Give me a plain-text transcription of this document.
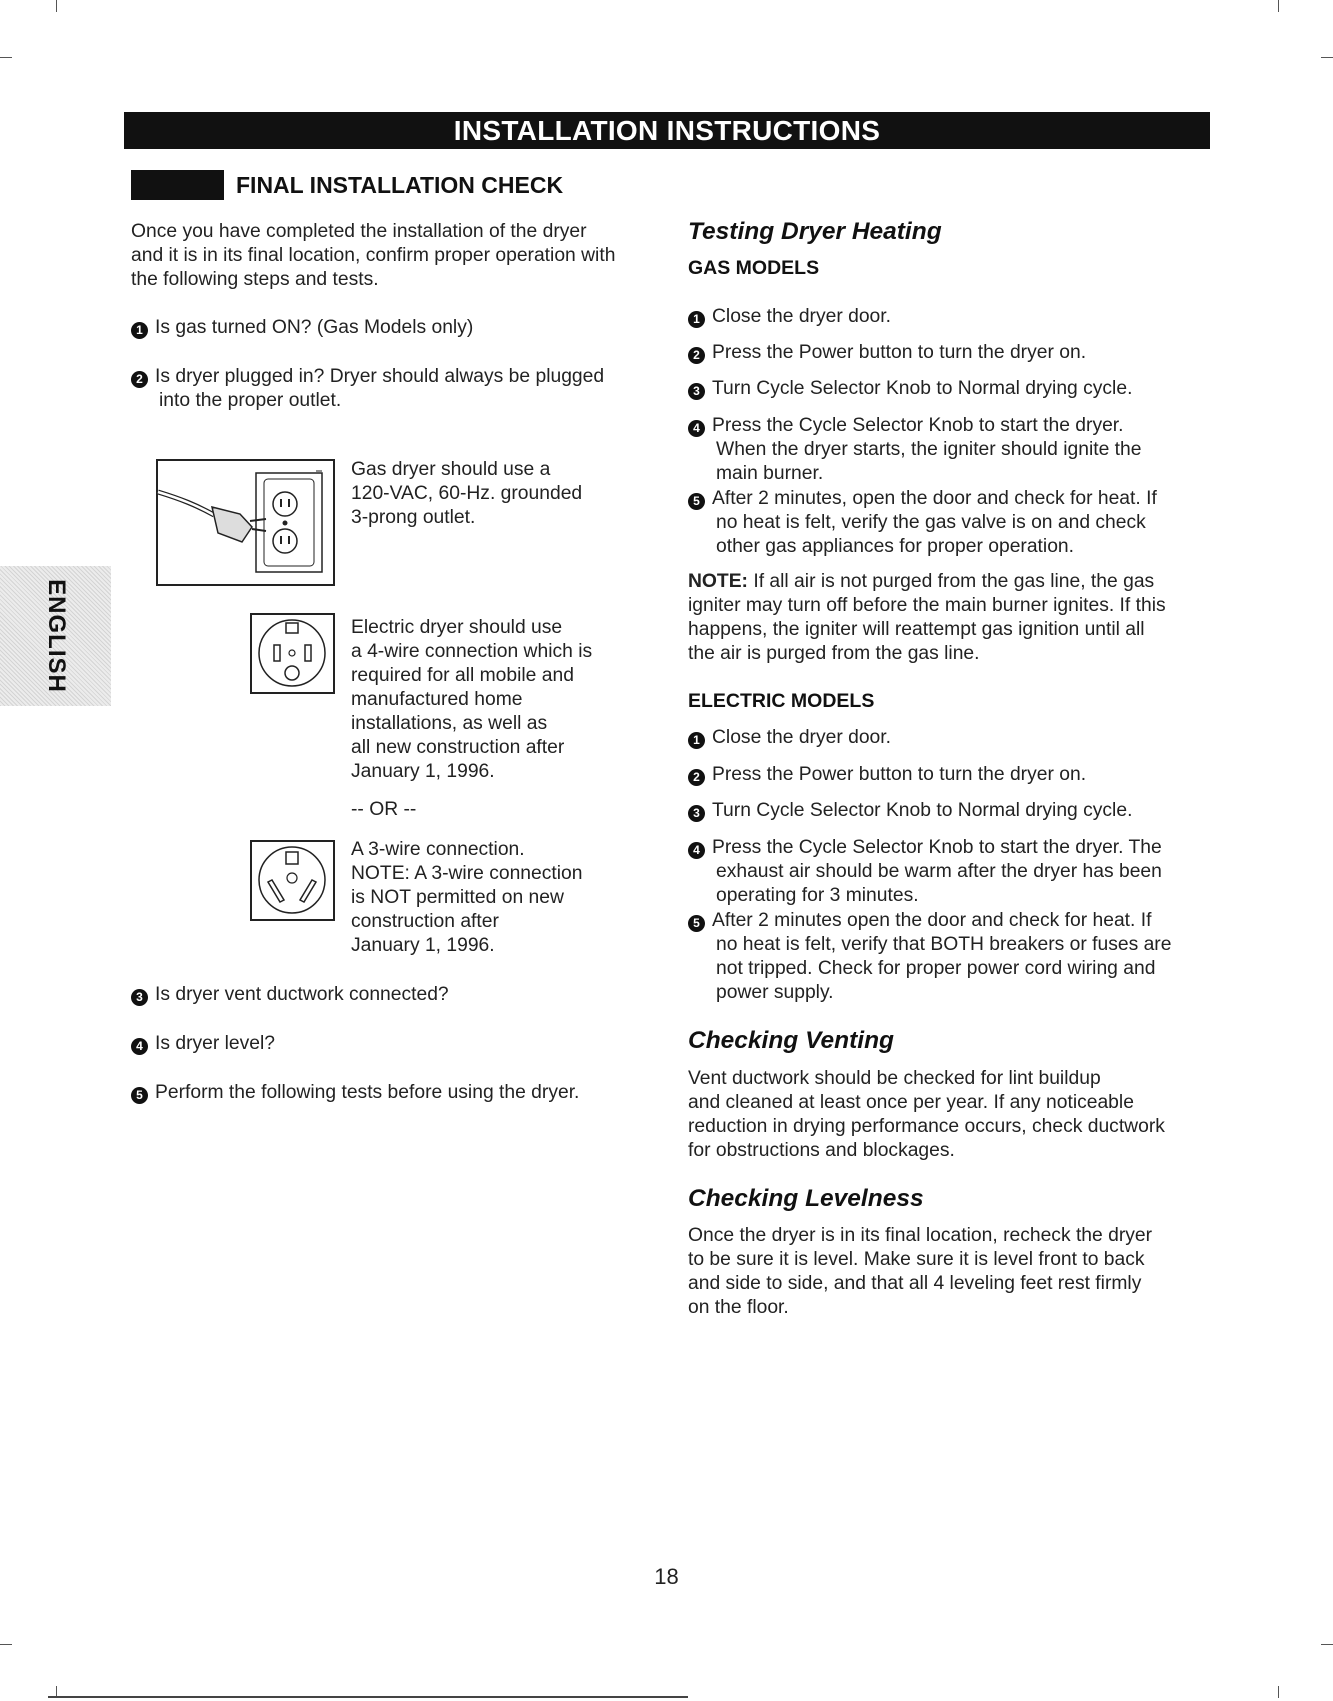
INSTALLATION INSTRUCTIONS
ENGLISH
FINAL INSTALLATION CHECK
Once you have completed the installation of the dryer
and it is in its final location, confirm proper operation with
the following steps and tests.
1 Is gas turned ON? (Gas Models only)
2 Is dryer plugged in? Dryer should always be plugged
into the proper outlet.
Gas dryer should use a
120-VAC, 60-Hz. grounded
3-prong outlet.
Electric dryer should use
a 4-wire connection which is
required for all mobile and
manufactured home
installations, as well as
all new construction after
January 1, 1996.
-- OR --
A 3-wire connection.
NOTE: A 3-wire connection
is NOT permitted on new
construction after
January 1, 1996.
3 Is dryer vent ductwork connected?
4 Is dryer level?
5 Perform the following tests before using the dryer.
Testing Dryer Heating
GAS MODELS
1 Close the dryer door.
2 Press the Power button to turn the dryer on.
3 Turn Cycle Selector Knob to Normal drying cycle.
4 Press the Cycle Selector Knob to start the dryer.
When the dryer starts, the igniter should ignite the
main burner.
5 After 2 minutes, open the door and check for heat. If
no heat is felt, verify the gas valve is on and check
other gas appliances for proper operation.
NOTE: If all air is not purged from the gas line, the gas
igniter may turn off before the main burner ignites. If this
happens, the igniter will reattempt gas ignition until all
the air is purged from the gas line.
ELECTRIC MODELS
1 Close the dryer door.
2 Press the Power button to turn the dryer on.
3 Turn Cycle Selector Knob to Normal drying cycle.
4 Press the Cycle Selector Knob to start the dryer. The
exhaust air should be warm after the dryer has been
operating for 3 minutes.
5 After 2 minutes open the door and check for heat. If
no heat is felt, verify that BOTH breakers or fuses are
not tripped. Check for proper power cord wiring and
power supply.
Checking Venting
Vent ductwork should be checked for lint buildup
and cleaned at least once per year. If any noticeable
reduction in drying performance occurs, check ductwork
for obstructions and blockages.
Checking Levelness
Once the dryer is in its final location, recheck the dryer
to be sure it is level. Make sure it is level front to back
and side to side, and that all 4 leveling feet rest firmly
on the floor.
18
